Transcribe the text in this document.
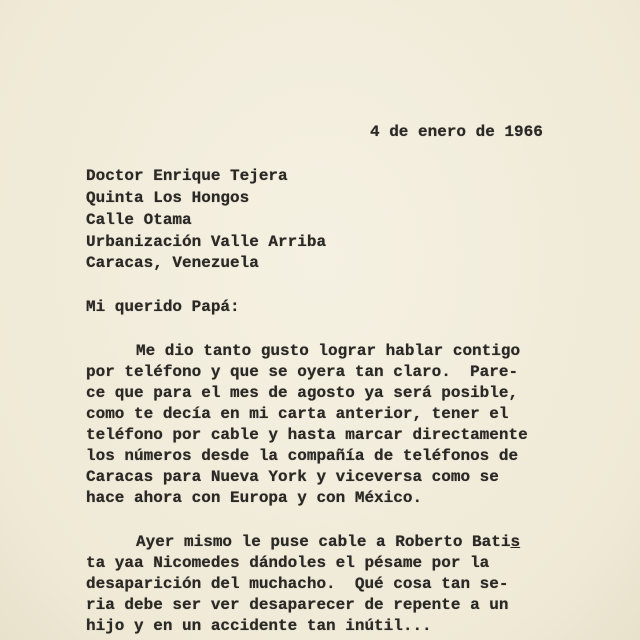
4 de enero de 1966
Doctor Enrique Tejera
Quinta Los Hongos
Calle Otama
Urbanización Valle Arriba
Caracas, Venezuela
Mi querido Papá:
Me dio tanto gusto lograr hablar contigo
por teléfono y que se oyera tan claro.  Pare-
ce que para el mes de agosto ya será posible,
como te decía en mi carta anterior, tener el
teléfono por cable y hasta marcar directamente
los números desde la compañía de teléfonos de
Caracas para Nueva York y viceversa como se
hace ahora con Europa y con México.
Ayer mismo le puse cable a Roberto Batis
ta yaa Nicomedes dándoles el pésame por la
desaparición del muchacho.  Qué cosa tan se-
ria debe ser ver desaparecer de repente a un
hijo y en un accidente tan inútil...
